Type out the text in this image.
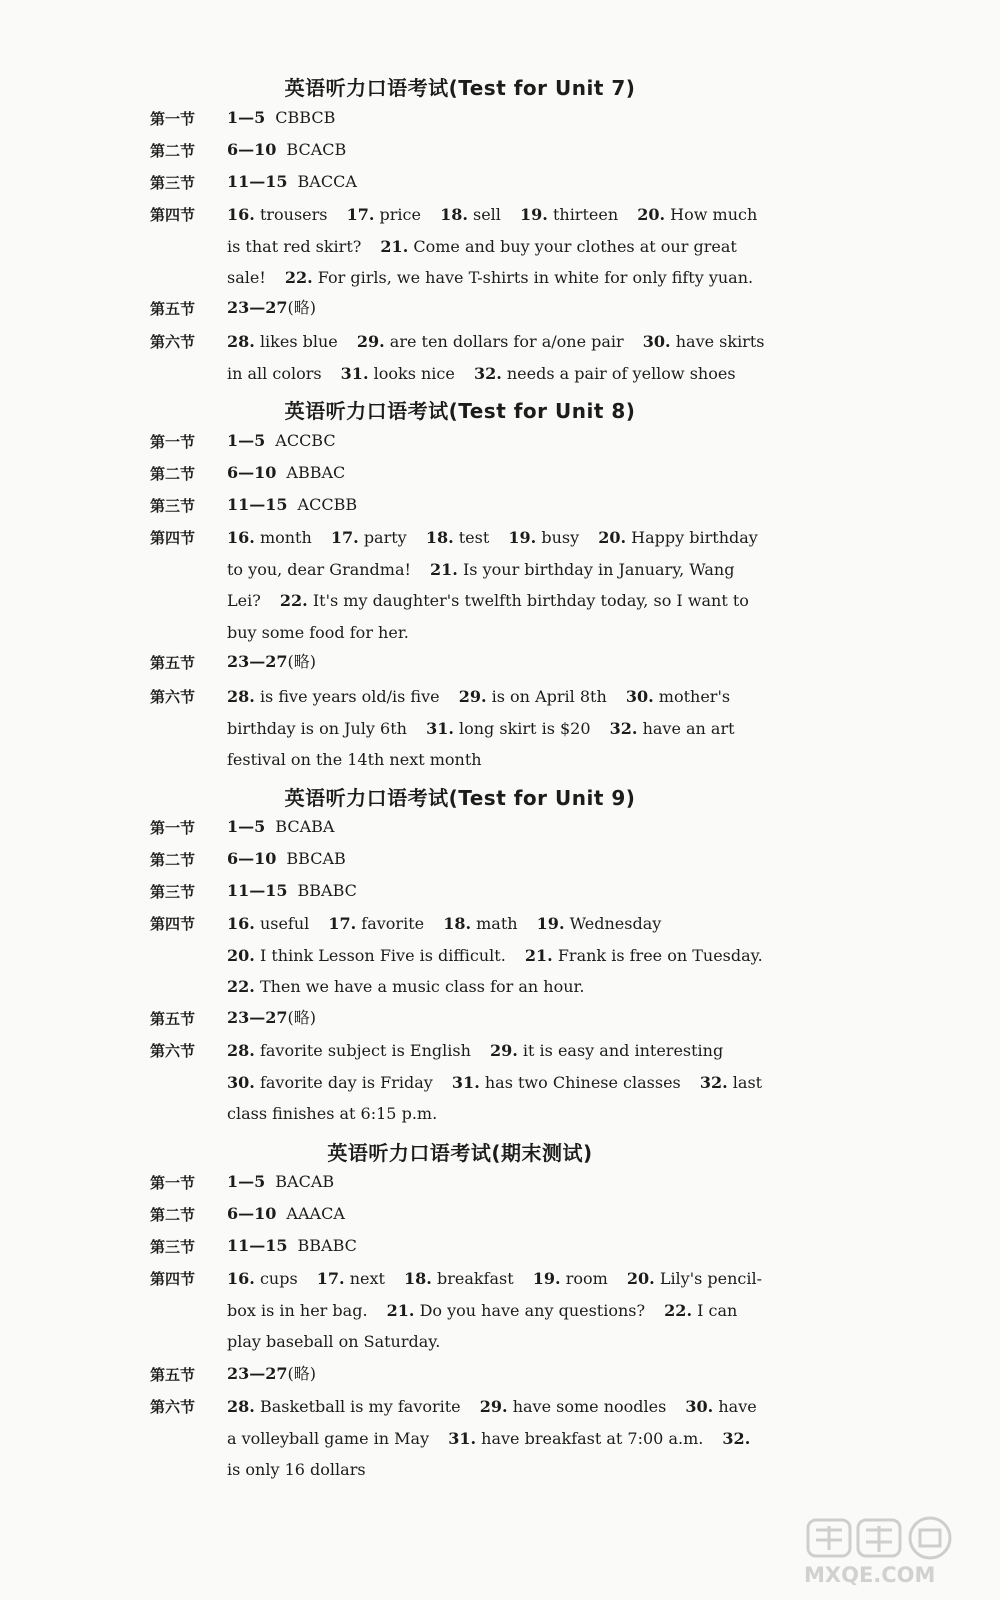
英语听力口语考试(Test for Unit 7)
第一节	1—5 CBBCB
第二节	6—10 BCACB
第三节	11—15 BACCA
第四节	16. trousers 17. price 18. sell 19. thirteen 20. How much is that red skirt? 21. Come and buy your clothes at our great sale! 22. For girls, we have T-shirts in white for only fifty yuan.
第五节	23—27(略)
第六节	28. likes blue 29. are ten dollars for a/one pair 30. have skirts in all colors 31. looks nice 32. needs a pair of yellow shoes
英语听力口语考试(Test for Unit 8)
第一节	1—5 ACCBC
第二节	6—10 ABBAC
第三节	11—15 ACCBB
第四节	16. month 17. party 18. test 19. busy 20. Happy birthday to you, dear Grandma! 21. Is your birthday in January, Wang Lei? 22. It's my daughter's twelfth birthday today, so I want to buy some food for her.
第五节	23—27(略)
第六节	28. is five years old/is five 29. is on April 8th 30. mother's birthday is on July 6th 31. long skirt is $20 32. have an art festival on the 14th next month
英语听力口语考试(Test for Unit 9)
第一节	1—5 BCABA
第二节	6—10 BBCAB
第三节	11—15 BBABC
第四节	16. useful 17. favorite 18. math 19. Wednesday
20. I think Lesson Five is difficult. 21. Frank is free on Tuesday.
22. Then we have a music class for an hour.
第五节	23—27(略)
第六节	28. favorite subject is English 29. it is easy and interesting
30. favorite day is Friday 31. has two Chinese classes 32. last class finishes at 6:15 p.m.
英语听力口语考试(期末测试)
第一节	1—5 BACAB
第二节	6—10 AAACA
第三节	11—15 BBABC
第四节	16. cups 17. next 18. breakfast 19. room 20. Lily's pencil-box is in her bag. 21. Do you have any questions? 22. I can play baseball on Saturday.
第五节	23—27(略)
第六节	28. Basketball is my favorite 29. have some noodles 30. have a volleyball game in May 31. have breakfast at 7:00 a.m. 32. is only 16 dollars
MXQE.COM
